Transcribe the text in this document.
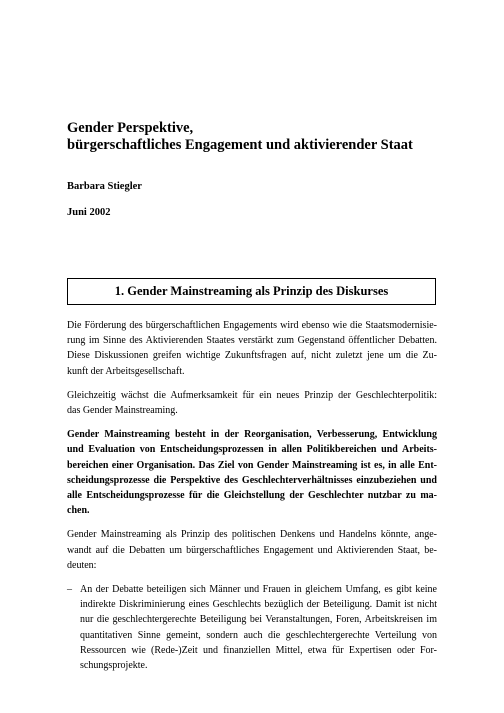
Gender Perspektive,
bürgerschaftliches Engagement und aktivierender Staat
Barbara Stiegler
Juni 2002
1. Gender Mainstreaming als Prinzip des Diskurses
Die Förderung des bürgerschaftlichen Engagements wird ebenso wie die Staatsmodernisie-
rung im Sinne des Aktivierenden Staates verstärkt zum Gegenstand öffentlicher Debatten.
Diese Diskussionen greifen wichtige Zukunftsfragen auf, nicht zuletzt jene um die Zu-
kunft der Arbeitsgesellschaft.
Gleichzeitig wächst die Aufmerksamkeit für ein neues Prinzip der Geschlechterpolitik:
das Gender Mainstreaming.
Gender Mainstreaming besteht in der Reorganisation, Verbesserung, Entwicklung
und Evaluation von Entscheidungsprozessen in allen Politikbereichen und Arbeits-
bereichen einer Organisation. Das Ziel von Gender Mainstreaming ist es, in alle Ent-
scheidungsprozesse die Perspektive des Geschlechterverhältnisses einzubeziehen und
alle Entscheidungsprozesse für die Gleichstellung der Geschlechter nutzbar zu ma-
chen.
Gender Mainstreaming als Prinzip des politischen Denkens und Handelns könnte, ange-
wandt auf die Debatten um bürgerschaftliches Engagement und Aktivierenden Staat, be-
deuten:
– An der Debatte beteiligen sich Männer und Frauen in gleichem Umfang, es gibt keine
indirekte Diskriminierung eines Geschlechts bezüglich der Beteiligung. Damit ist nicht
nur die geschlechtergerechte Beteiligung bei Veranstaltungen, Foren, Arbeitskreisen im
quantitativen Sinne gemeint, sondern auch die geschlechtergerechte Verteilung von
Ressourcen wie (Rede-)Zeit und finanziellen Mittel, etwa für Expertisen oder For-
schungsprojekte.
